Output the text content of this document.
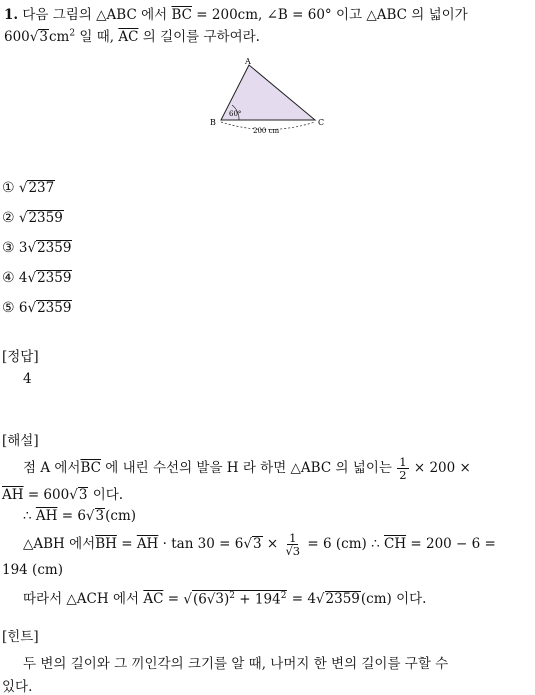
1. 다음 그림의 △ABC 에서 $\overline{BC} = 200cm$, ∠B = 60° 이고 △ABC 의 넓이가
$600√3cm^2$ 일 때, $\overline{AC}$ 의 길이를 구하여라.
A
B	C
60°
200 cm
① √237
② √2359
③ 3√2359
④ 4√2359
⑤ 6√2359
[정답]
4
[해설]
점 A 에서$\overline{BC}$ 에 내린 수선의 발을 H 라 하면 △ABC 의 넓이는 $\frac{1}{2} \times 200$ ×
$\overline{AH} = 600√3$ 이다.
∴ $\overline{AH} = 6√3(cm)$
△ABH 에서$\overline{BH} = \overline{AH} \cdot \tan 30 = 6√3 \times \frac{1}{√3} = 6$ (cm) ∴ $\overline{CH} = 200 - 6$ =
194 (cm)
따라서 △ACH 에서 $\overline{AC} = √(6√3)^2 + 194^2 = 4√2359(cm)$ 이다.
[힌트]
두 변의 길이와 그 끼인각의 크기를 알 때, 나머지 한 변의 길이를 구할 수
있다.
